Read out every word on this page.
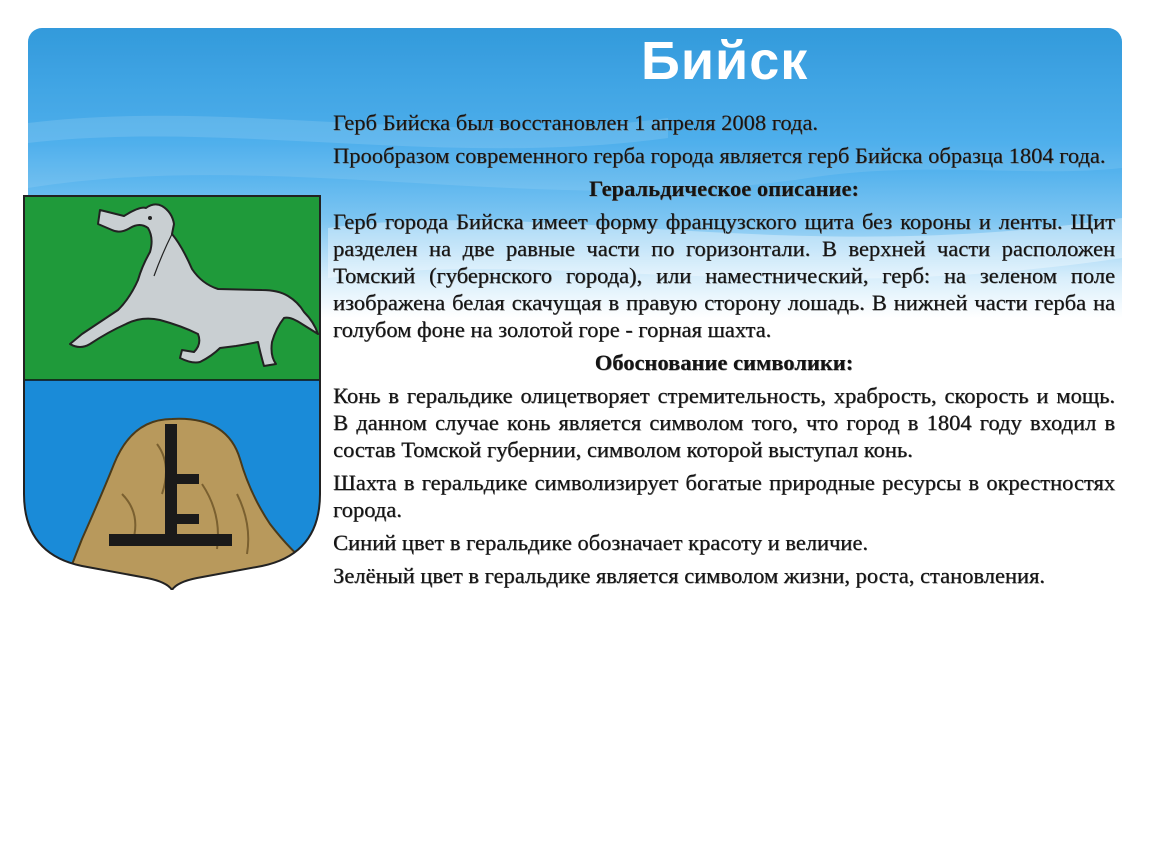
Бийск

Герб Бийска был восстановлен 1 апреля 2008 года.

Прообразом современного герба города является герб Бийска образца 1804 года.

Геральдическое описание:

Герб города Бийска имеет форму французского щита без короны и ленты. Щит разделен на две равные части по горизонтали. В верхней части расположен Томский (губернского города), или наместнический, герб: на зеленом поле изображена белая скачущая в правую сторону лошадь. В нижней части герба на голубом фоне на золотой горе - горная шахта.

Обоснование символики:

Конь в геральдике олицетворяет стремительность, храбрость, скорость и мощь. В данном случае конь является символом того, что город в 1804 году входил в состав Томской губернии, символом которой выступал конь.

Шахта в геральдике символизирует богатые природные ресурсы в окрестностях города.

Синий цвет в геральдике обозначает красоту и величие.

Зелёный цвет в геральдике является символом жизни, роста, становления.
